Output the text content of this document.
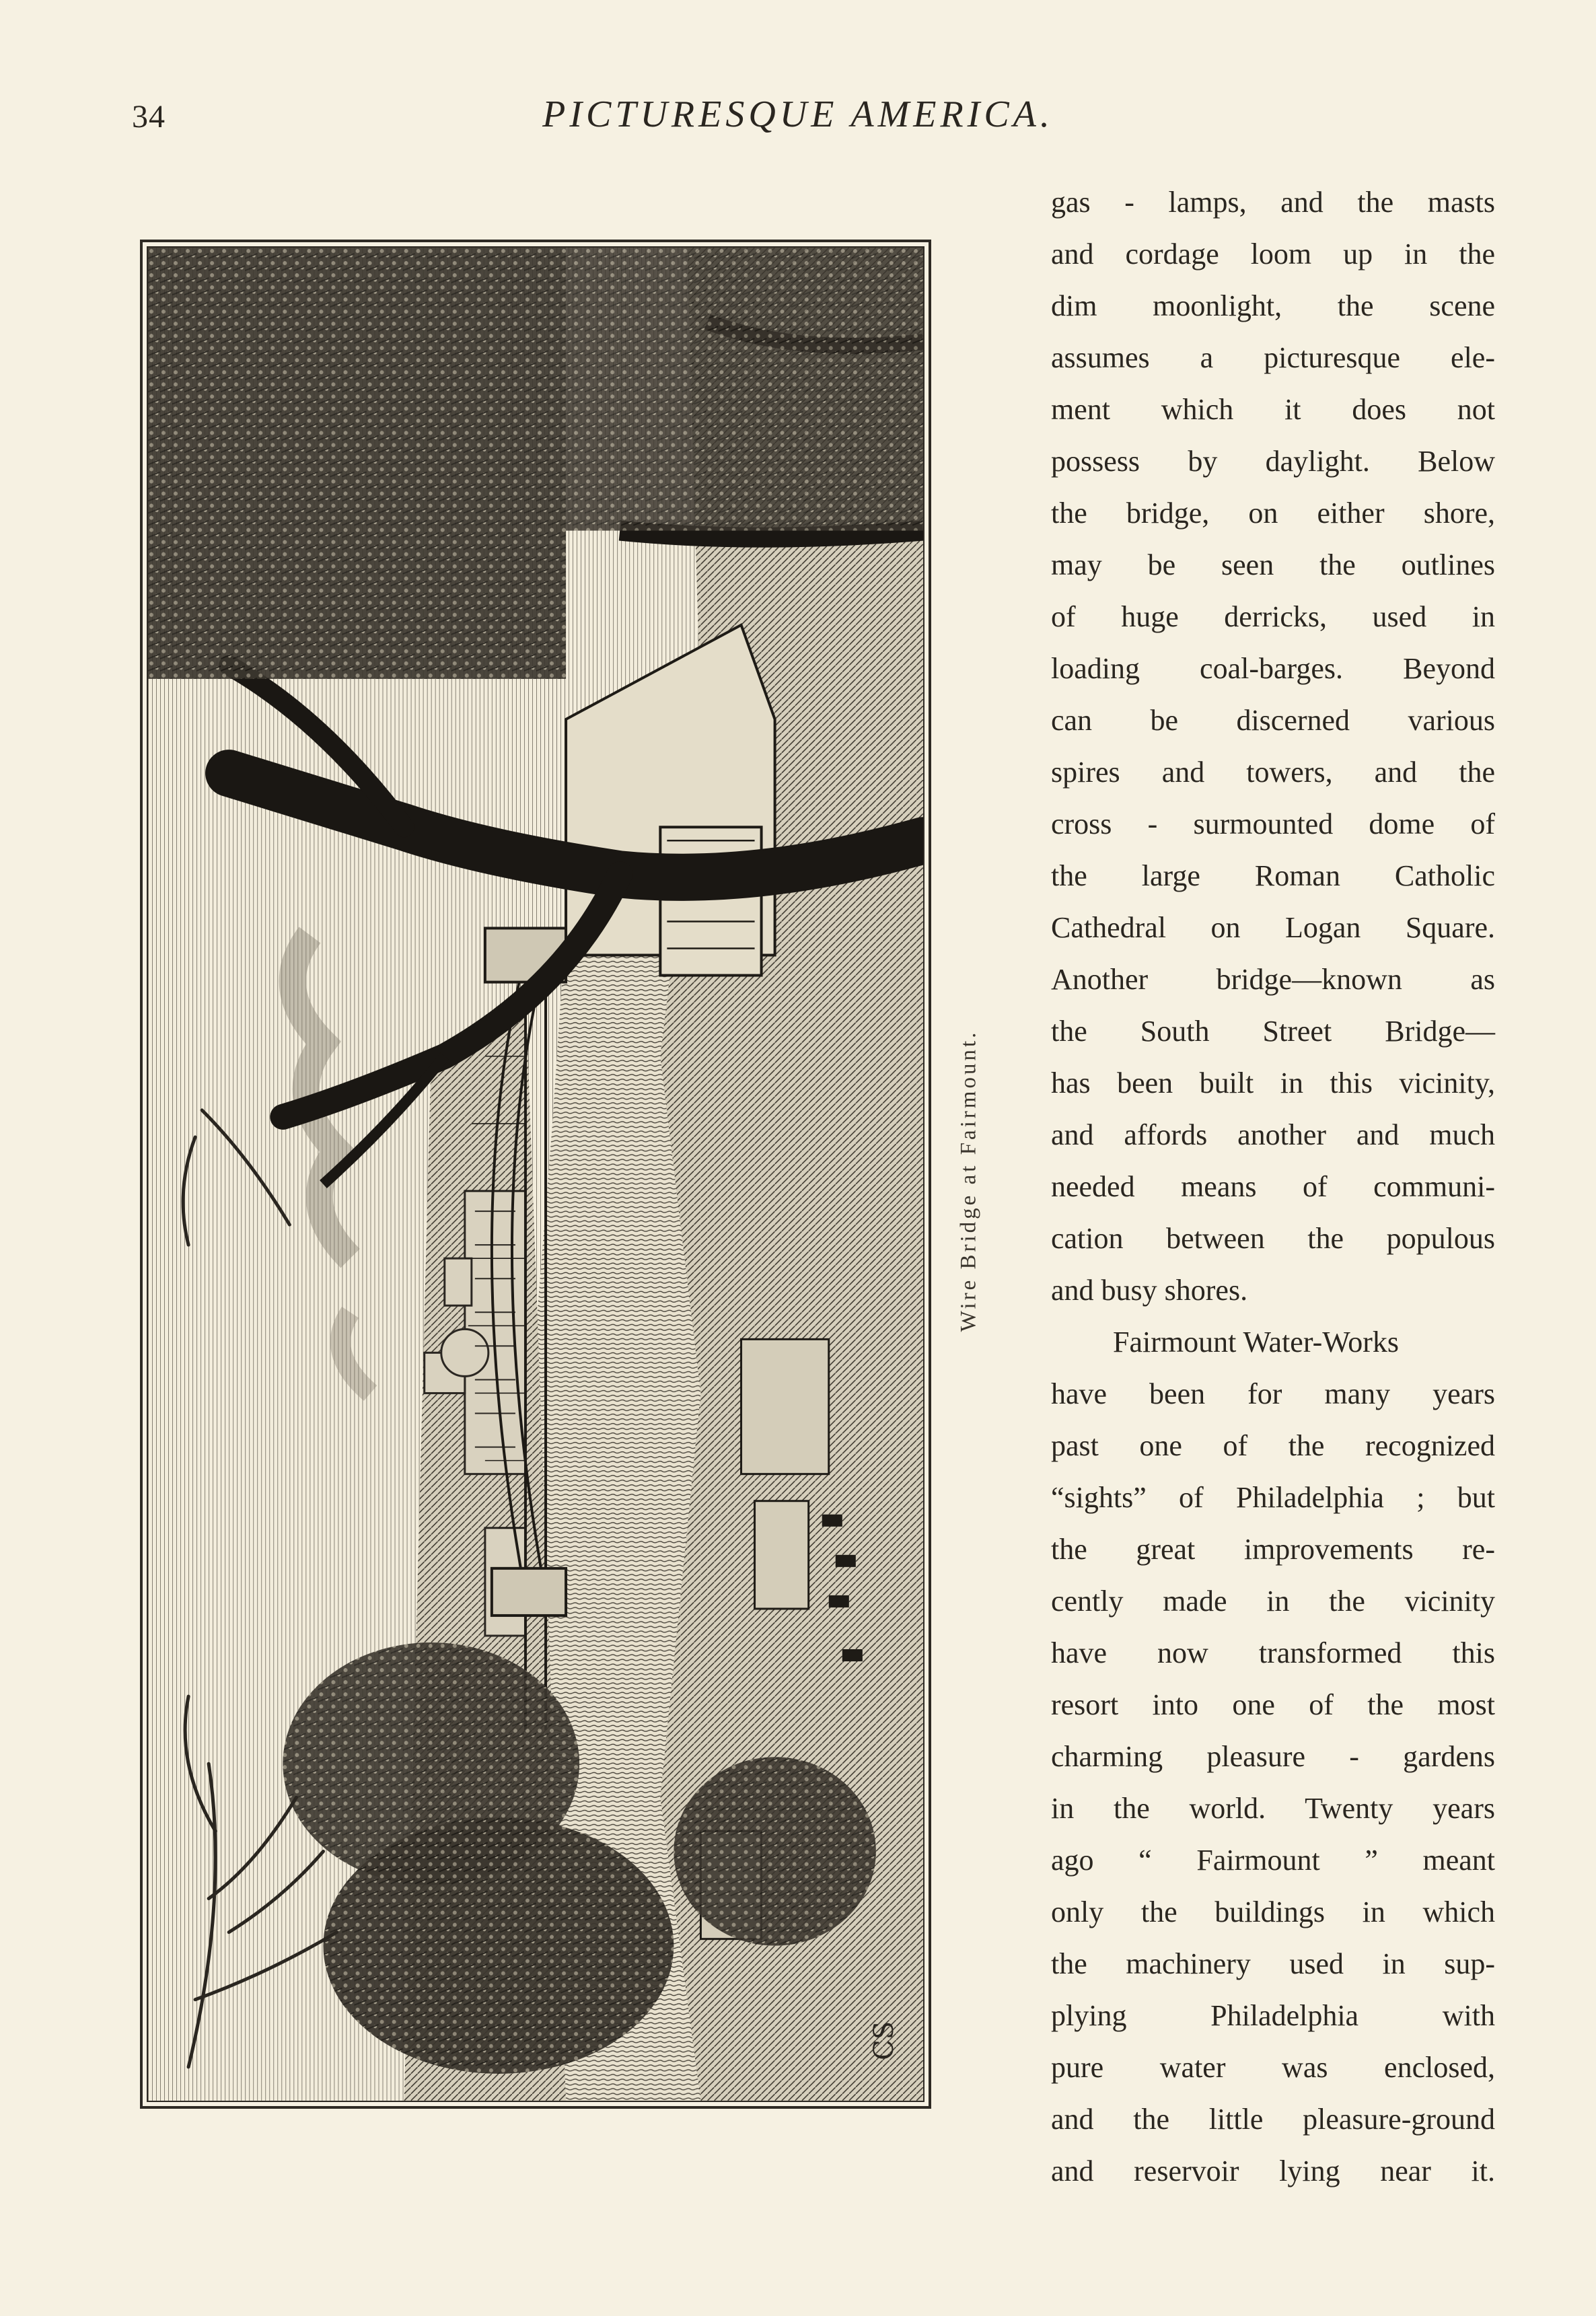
34	PICTURESQUE AMERICA.
CS
Wire Bridge at Fairmount.
gas - lamps, and the masts
and cordage loom up in the
dim moonlight, the scene
assumes a picturesque ele-
ment which it does not
possess by daylight. Below
the bridge, on either shore,
may be seen the outlines
of huge derricks, used in
loading coal-barges. Beyond
can be discerned various
spires and towers, and the
cross - surmounted dome of
the large Roman Catholic
Cathedral on Logan Square.
Another bridge—known as
the South Street Bridge—
has been built in this vicinity,
and affords another and much
needed means of communi-
cation between the populous
and busy shores.
Fairmount Water-Works
have been for many years
past one of the recognized
“sights” of Philadelphia ; but
the great improvements re-
cently made in the vicinity
have now transformed this
resort into one of the most
charming pleasure - gardens
in the world. Twenty years
ago “ Fairmount ” meant
only the buildings in which
the machinery used in sup-
plying Philadelphia with
pure water was enclosed,
and the little pleasure-ground
and reservoir lying near it.
